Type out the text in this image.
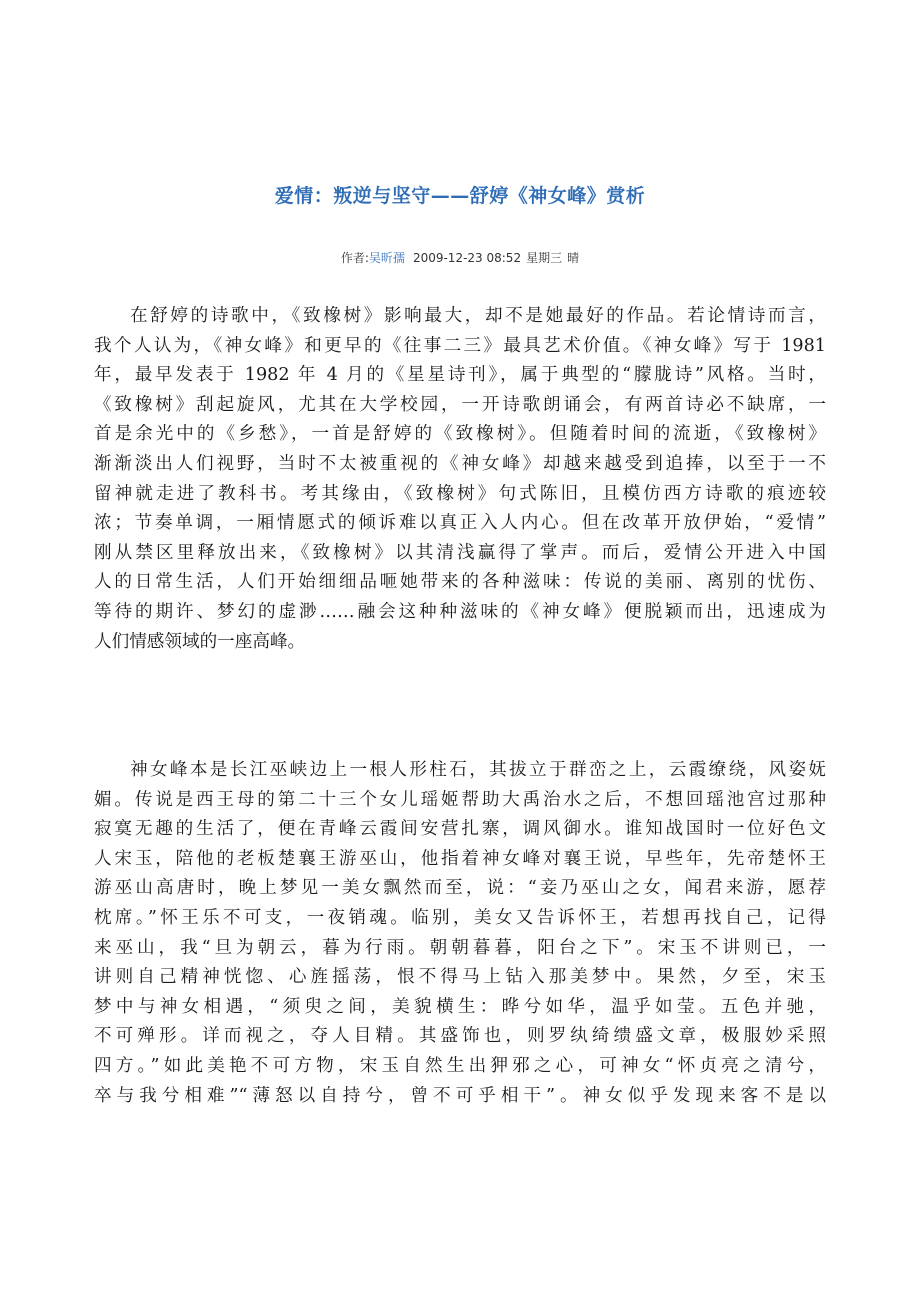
爱情：叛逆与坚守——舒婷《神女峰》赏析

作者:吴昕孺 2009-12-23 08:52 星期三 晴

在舒婷的诗歌中，《致橡树》影响最大，却不是她最好的作品。若论情诗而言，
我个人认为，《神女峰》和更早的《往事二三》最具艺术价值。《神女峰》写于 1981
年，最早发表于 1982 年 4 月的《星星诗刊》，属于典型的“朦胧诗”风格。当时，
《致橡树》刮起旋风，尤其在大学校园，一开诗歌朗诵会，有两首诗必不缺席，一
首是余光中的《乡愁》，一首是舒婷的《致橡树》。但随着时间的流逝，《致橡树》
渐渐淡出人们视野，当时不太被重视的《神女峰》却越来越受到追捧，以至于一不
留神就走进了教科书。考其缘由，《致橡树》句式陈旧，且模仿西方诗歌的痕迹较
浓；节奏单调，一厢情愿式的倾诉难以真正入人内心。但在改革开放伊始，“爱情”
刚从禁区里释放出来，《致橡树》以其清浅赢得了掌声。而后，爱情公开进入中国
人的日常生活，人们开始细细品咂她带来的各种滋味：传说的美丽、离别的忧伤、
等待的期许、梦幻的虚渺……融会这种种滋味的《神女峰》便脱颖而出，迅速成为
人们情感领域的一座高峰。
神女峰本是长江巫峡边上一根人形柱石，其拔立于群峦之上，云霞缭绕，风姿妩
媚。传说是西王母的第二十三个女儿瑶姬帮助大禹治水之后，不想回瑶池宫过那种
寂寞无趣的生活了，便在青峰云霞间安营扎寨，调风御水。谁知战国时一位好色文
人宋玉，陪他的老板楚襄王游巫山，他指着神女峰对襄王说，早些年，先帝楚怀王
游巫山高唐时，晚上梦见一美女飘然而至，说：“妾乃巫山之女，闻君来游，愿荐
枕席。”怀王乐不可支，一夜销魂。临别，美女又告诉怀王，若想再找自己，记得
来巫山，我“旦为朝云，暮为行雨。朝朝暮暮，阳台之下”。宋玉不讲则已，一
讲则自己精神恍惚、心旌摇荡，恨不得马上钻入那美梦中。果然，夕至，宋玉
梦中与神女相遇，“须臾之间，美貌横生：晔兮如华，温乎如莹。五色并驰，
不可殚形。详而视之，夺人目精。其盛饰也，则罗纨绮缋盛文章，极服妙采照
四方。”如此美艳不可方物，宋玉自然生出狎邪之心，可神女“怀贞亮之清兮，
卒与我兮相难”“薄怒以自持兮，曾不可乎相干”。神女似乎发现来客不是以
